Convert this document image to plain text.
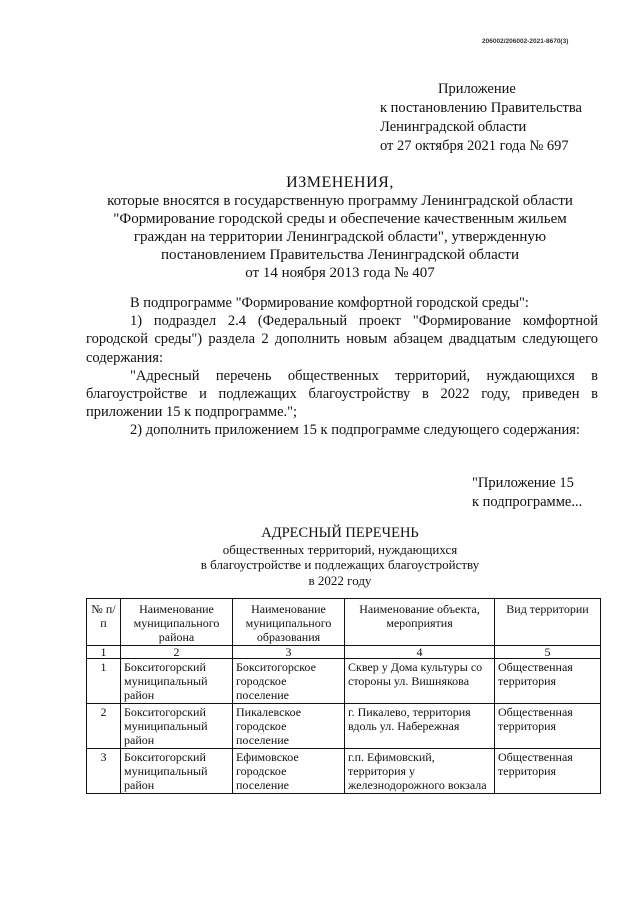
206002/206002-2021-8670(3)
Приложение
к постановлению Правительства
Ленинградской области
от 27 октября 2021 года № 697
ИЗМЕНЕНИЯ,
которые вносятся в государственную программу Ленинградской области
"Формирование городской среды и обеспечение качественным жильем
граждан на территории Ленинградской области", утвержденную
постановлением Правительства Ленинградской области
от 14 ноября 2013 года № 407

В подпрограмме "Формирование комфортной городской среды":

1) подраздел 2.4 (Федеральный проект "Формирование комфортной городской среды") раздела 2 дополнить новым абзацем двадцатым следующего содержания:

"Адресный перечень общественных территорий, нуждающихся в благоустройстве и подлежащих благоустройству в 2022 году, приведен в приложении 15 к подпрограмме.";

2) дополнить приложением 15 к подпрограмме следующего содержания:

"Приложение 15
к подпрограмме...
АДРЕСНЫЙ ПЕРЕЧЕНЬ
общественных территорий, нуждающихся
в благоустройстве и подлежащих благоустройству
в 2022 году
№ п/п	Наименование муниципального района	Наименование муниципального образования	Наименование объекта, мероприятия	Вид территории
1	2	3	4	5
1	Бокситогорский муниципальный район	Бокситогорское городское поселение	Сквер у Дома культуры со стороны ул. Вишнякова	Общественная территория
2	Бокситогорский муниципальный район	Пикалевское городское поселение	г. Пикалево, территория вдоль ул. Набережная	Общественная территория
3	Бокситогорский муниципальный район	Ефимовское городское поселение	г.п. Ефимовский, территория у железнодорожного вокзала	Общественная территория
